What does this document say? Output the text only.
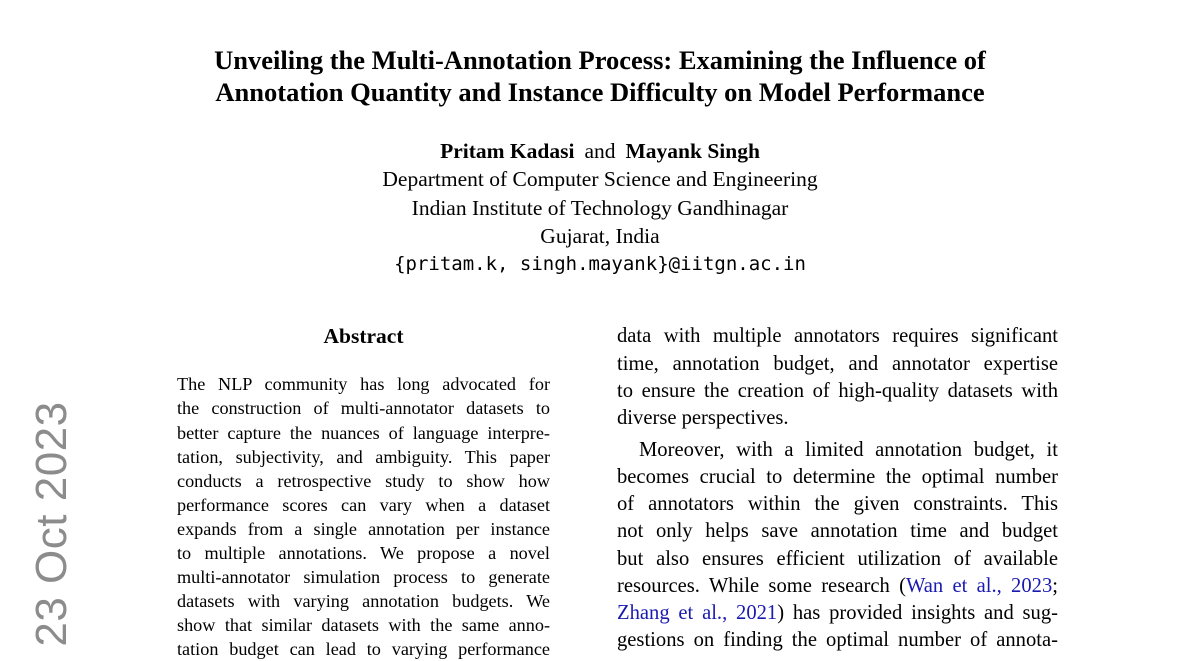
Unveiling the Multi-Annotation Process: Examining the Influence of
Annotation Quantity and Instance Difficulty on Model Performance
Pritam Kadasi and Mayank Singh
Department of Computer Science and Engineering
Indian Institute of Technology Gandhinagar
Gujarat, India
{pritam.k, singh.mayank}@iitgn.ac.in
23 Oct 2023
Abstract
The NLP community has long advocated for
the construction of multi-annotator datasets to
better capture the nuances of language interpre-
tation, subjectivity, and ambiguity. This paper
conducts a retrospective study to show how
performance scores can vary when a dataset
expands from a single annotation per instance
to multiple annotations. We propose a novel
multi-annotator simulation process to generate
datasets with varying annotation budgets. We
show that similar datasets with the same anno-
tation budget can lead to varying performance
data with multiple annotators requires significant
time, annotation budget, and annotator expertise
to ensure the creation of high-quality datasets with
diverse perspectives.
Moreover, with a limited annotation budget, it
becomes crucial to determine the optimal number
of annotators within the given constraints. This
not only helps save annotation time and budget
but also ensures efficient utilization of available
resources. While some research (Wan et al., 2023;
Zhang et al., 2021) has provided insights and sug-
gestions on finding the optimal number of annota-
